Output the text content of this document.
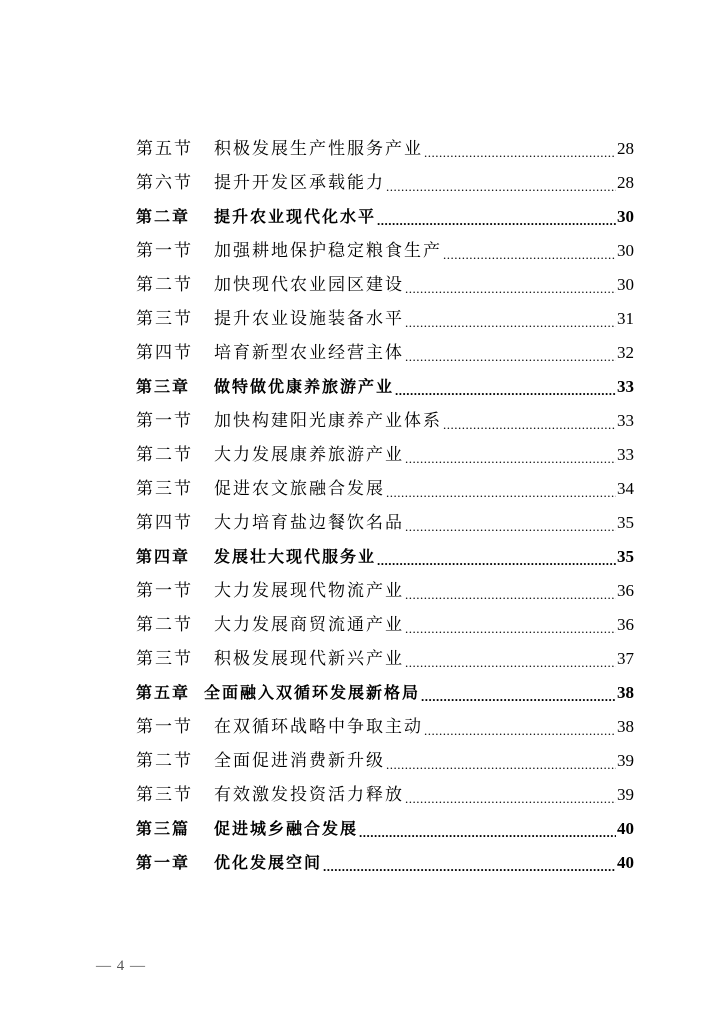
第五节	积极发展生产性服务产业 .....	28
第六节	提升开发区承载能力 .....	28
第二章	提升农业现代化水平 .....	30
第一节	加强耕地保护稳定粮食生产 .....	30
第二节	加快现代农业园区建设 .....	30
第三节	提升农业设施装备水平 .....	31
第四节	培育新型农业经营主体 .....	32
第三章	做特做优康养旅游产业 .....	33
第一节	加快构建阳光康养产业体系 .....	33
第二节	大力发展康养旅游产业 .....	33
第三节	促进农文旅融合发展 .....	34
第四节	大力培育盐边餐饮名品 .....	35
第四章	发展壮大现代服务业 .....	35
第一节	大力发展现代物流产业 .....	36
第二节	大力发展商贸流通产业 .....	36
第三节	积极发展现代新兴产业 .....	37
第五章 全面融入双循环发展新格局 .....	38
第一节	在双循环战略中争取主动 .....	38
第二节	全面促进消费新升级 .....	39
第三节	有效激发投资活力释放 .....	39
第三篇	促进城乡融合发展 .....	40
第一章	优化发展空间 .....	40
— 4 —
